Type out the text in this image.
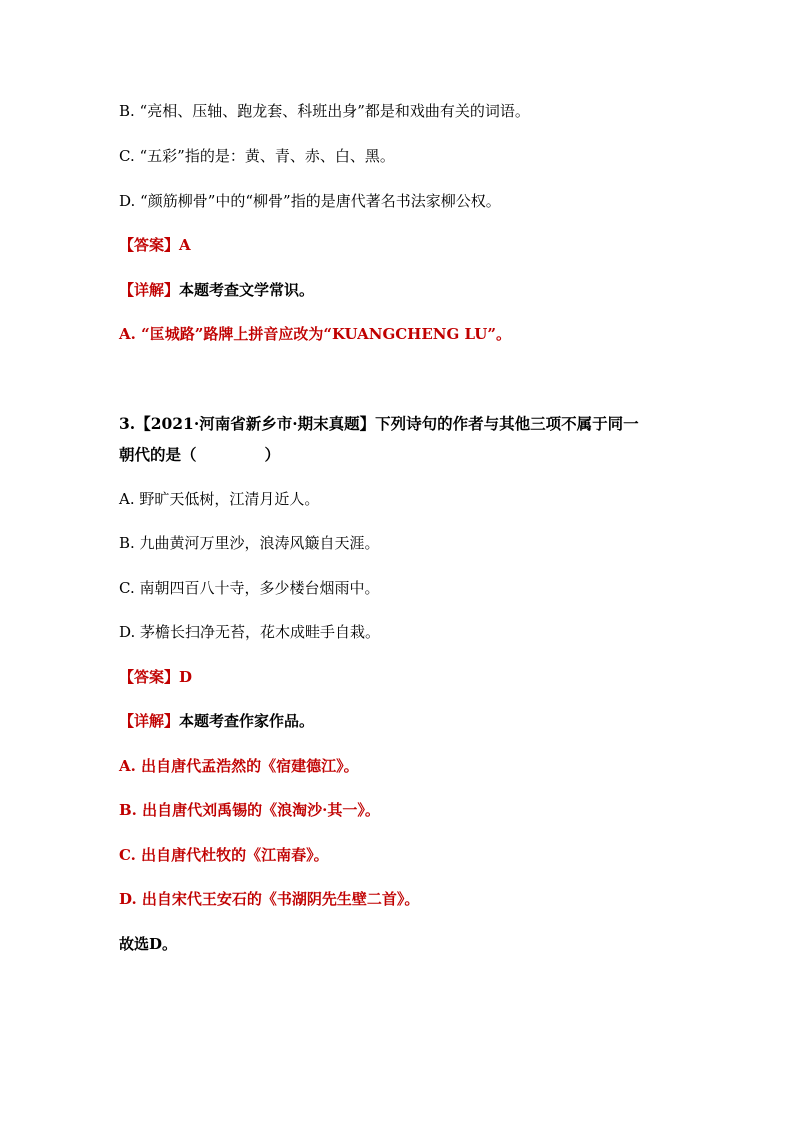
B. “亮相、压轴、跑龙套、科班出身”都是和戏曲有关的词语。
C. “五彩”指的是：黄、青、赤、白、黑。
D. “颜筋柳骨”中的“柳骨”指的是唐代著名书法家柳公权。
【答案】A
【详解】本题考查文学常识。
A. “匡城路”路牌上拼音应改为“KUANGCHENG LU”。
3.【2021·河南省新乡市·期末真题】下列诗句的作者与其他三项不属于同一
朝代的是（	）
A. 野旷天低树，江清月近人。
B. 九曲黄河万里沙，浪涛风簸自天涯。
C. 南朝四百八十寺，多少楼台烟雨中。
D. 茅檐长扫净无苔，花木成畦手自栽。
【答案】D
【详解】本题考查作家作品。
A. 出自唐代孟浩然的《宿建德江》。
B. 出自唐代刘禹锡的《浪淘沙·其一》。
C. 出自唐代杜牧的《江南春》。
D. 出自宋代王安石的《书湖阴先生壁二首》。
故选D。
